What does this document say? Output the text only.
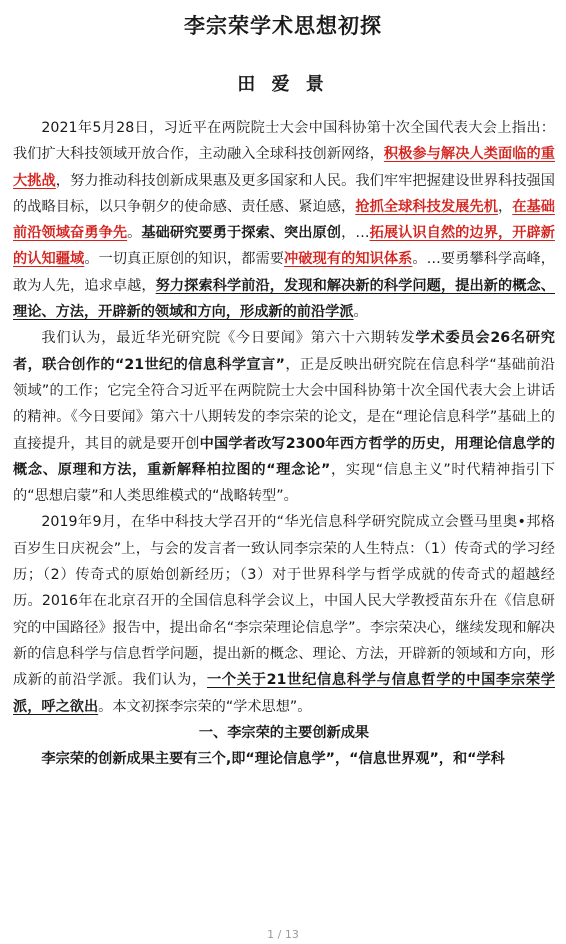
李宗荣学术思想初探
田 爱 景

2021年5月28日，习近平在两院院士大会中国科协第十次全国代表大会上指出：我们扩大科技领域开放合作，主动融入全球科技创新网络，积极参与解决人类面临的重大挑战，努力推动科技创新成果惠及更多国家和人民。我们牢牢把握建设世界科技强国的战略目标，以只争朝夕的使命感、责任感、紧迫感，抢抓全球科技发展先机，在基础前沿领域奋勇争先。基础研究要勇于探索、突出原创，…拓展认识自然的边界，开辟新的认知疆域。一切真正原创的知识，都需要冲破现有的知识体系。…要勇攀科学高峰，敢为人先，追求卓越，努力探索科学前沿，发现和解决新的科学问题，提出新的概念、理论、方法，开辟新的领域和方向，形成新的前沿学派。

我们认为，最近华光研究院《今日要闻》第六十六期转发学术委员会26名研究者，联合创作的“21世纪的信息科学宣言”，正是反映出研究院在信息科学“基础前沿领域”的工作；它完全符合习近平在两院院士大会中国科协第十次全国代表大会上讲话的精神。《今日要闻》第六十八期转发的李宗荣的论文，是在“理论信息科学”基础上的直接提升，其目的就是要开创中国学者改写2300年西方哲学的历史，用理论信息学的概念、原理和方法，重新解释柏拉图的“理念论”，实现“信息主义”时代精神指引下的“思想启蒙”和人类思维模式的“战略转型”。

2019年9月，在华中科技大学召开的“华光信息科学研究院成立会暨马里奥•邦格百岁生日庆祝会”上，与会的发言者一致认同李宗荣的人生特点：（1）传奇式的学习经历；（2）传奇式的原始创新经历；（3）对于世界科学与哲学成就的传奇式的超越经历。2016年在北京召开的全国信息科学会议上，中国人民大学教授苗东升在《信息研究的中国路径》报告中，提出命名“李宗荣理论信息学”。李宗荣决心，继续发现和解决新的信息科学与信息哲学问题，提出新的概念、理论、方法，开辟新的领域和方向，形成新的前沿学派。我们认为，一个关于21世纪信息科学与信息哲学的中国李宗荣学派，呼之欲出。本文初探李宗荣的“学术思想”。

一、李宗荣的主要创新成果

李宗荣的创新成果主要有三个,即“理论信息学”，“信息世界观”，和“学科

1 / 13
